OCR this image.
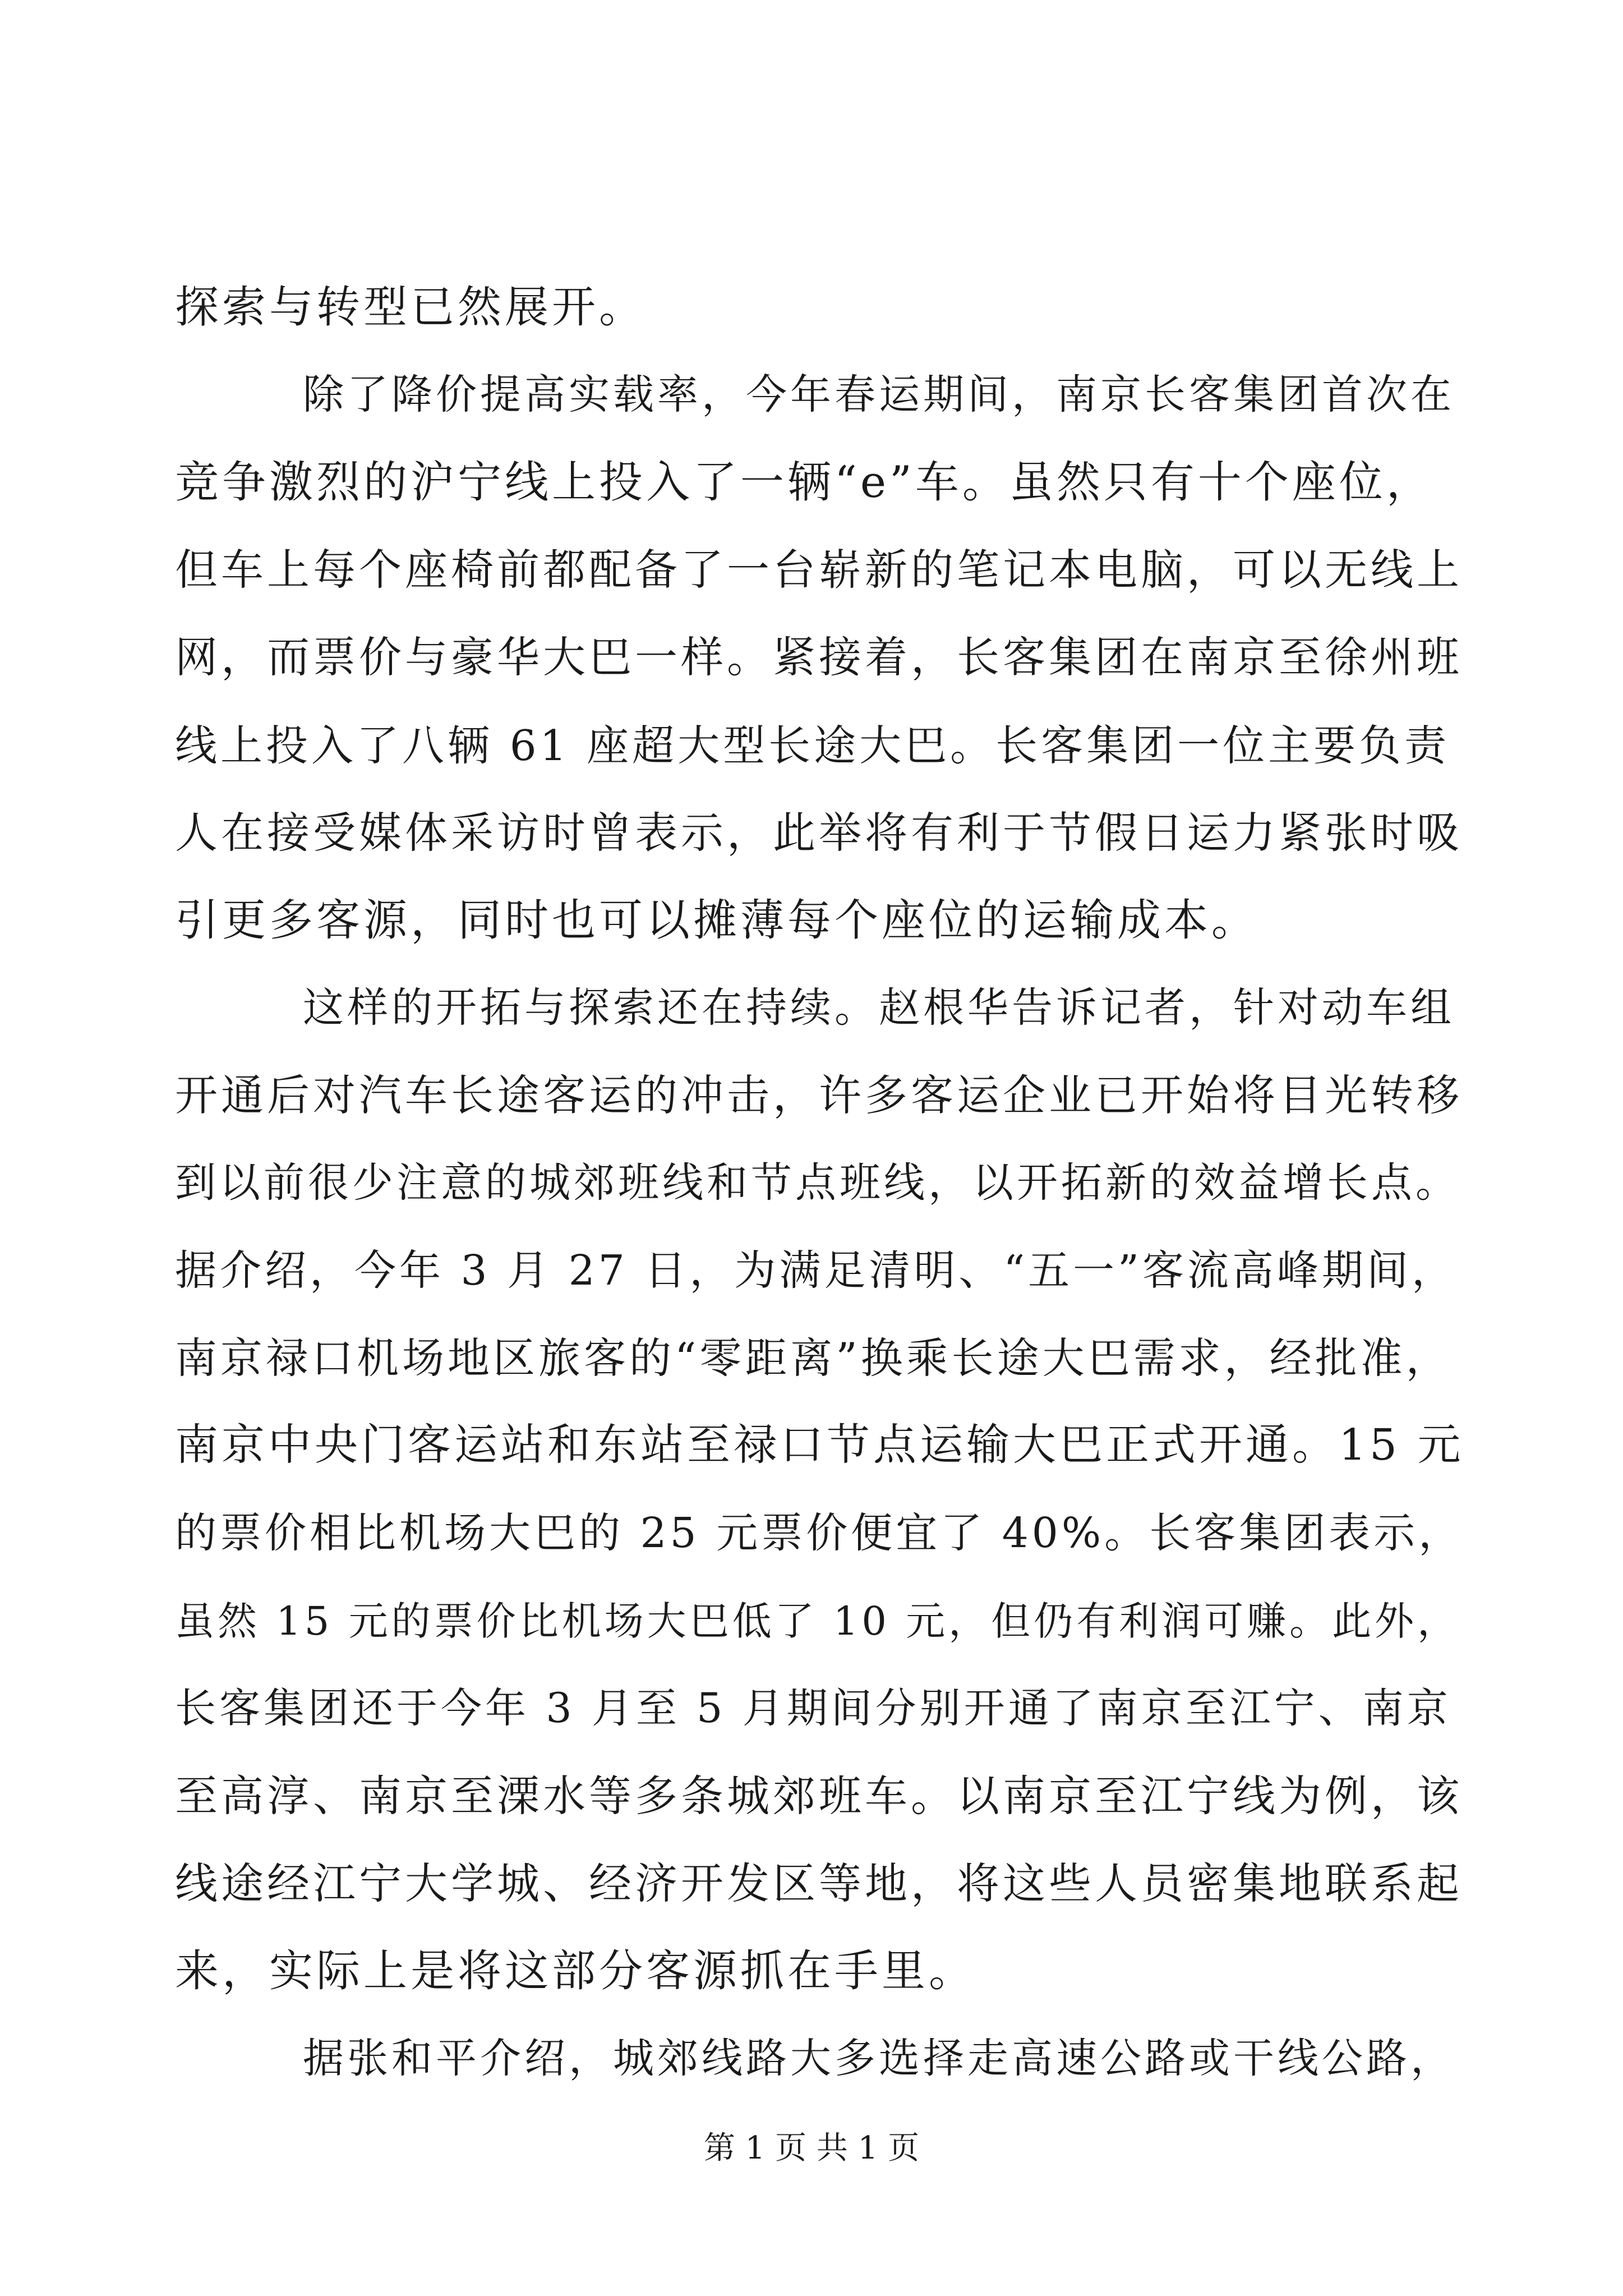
探索与转型已然展开。
除了降价提高实载率，今年春运期间，南京长客集团首次在
竞争激烈的沪宁线上投入了一辆“e”车。虽然只有十个座位，
但车上每个座椅前都配备了一台崭新的笔记本电脑，可以无线上
网，而票价与豪华大巴一样。紧接着，长客集团在南京至徐州班
线上投入了八辆 61 座超大型长途大巴。长客集团一位主要负责
人在接受媒体采访时曾表示，此举将有利于节假日运力紧张时吸
引更多客源，同时也可以摊薄每个座位的运输成本。
这样的开拓与探索还在持续。赵根华告诉记者，针对动车组
开通后对汽车长途客运的冲击，许多客运企业已开始将目光转移
到以前很少注意的城郊班线和节点班线，以开拓新的效益增长点。
据介绍，今年 3 月 27 日，为满足清明、“五一”客流高峰期间，
南京禄口机场地区旅客的“零距离”换乘长途大巴需求，经批准，
南京中央门客运站和东站至禄口节点运输大巴正式开通。15 元
的票价相比机场大巴的 25 元票价便宜了 40%。长客集团表示，
虽然 15 元的票价比机场大巴低了 10 元，但仍有利润可赚。此外，
长客集团还于今年 3 月至 5 月期间分别开通了南京至江宁、南京
至高淳、南京至溧水等多条城郊班车。以南京至江宁线为例，该
线途经江宁大学城、经济开发区等地，将这些人员密集地联系起
来，实际上是将这部分客源抓在手里。
据张和平介绍，城郊线路大多选择走高速公路或干线公路，
第 1 页 共 1 页
